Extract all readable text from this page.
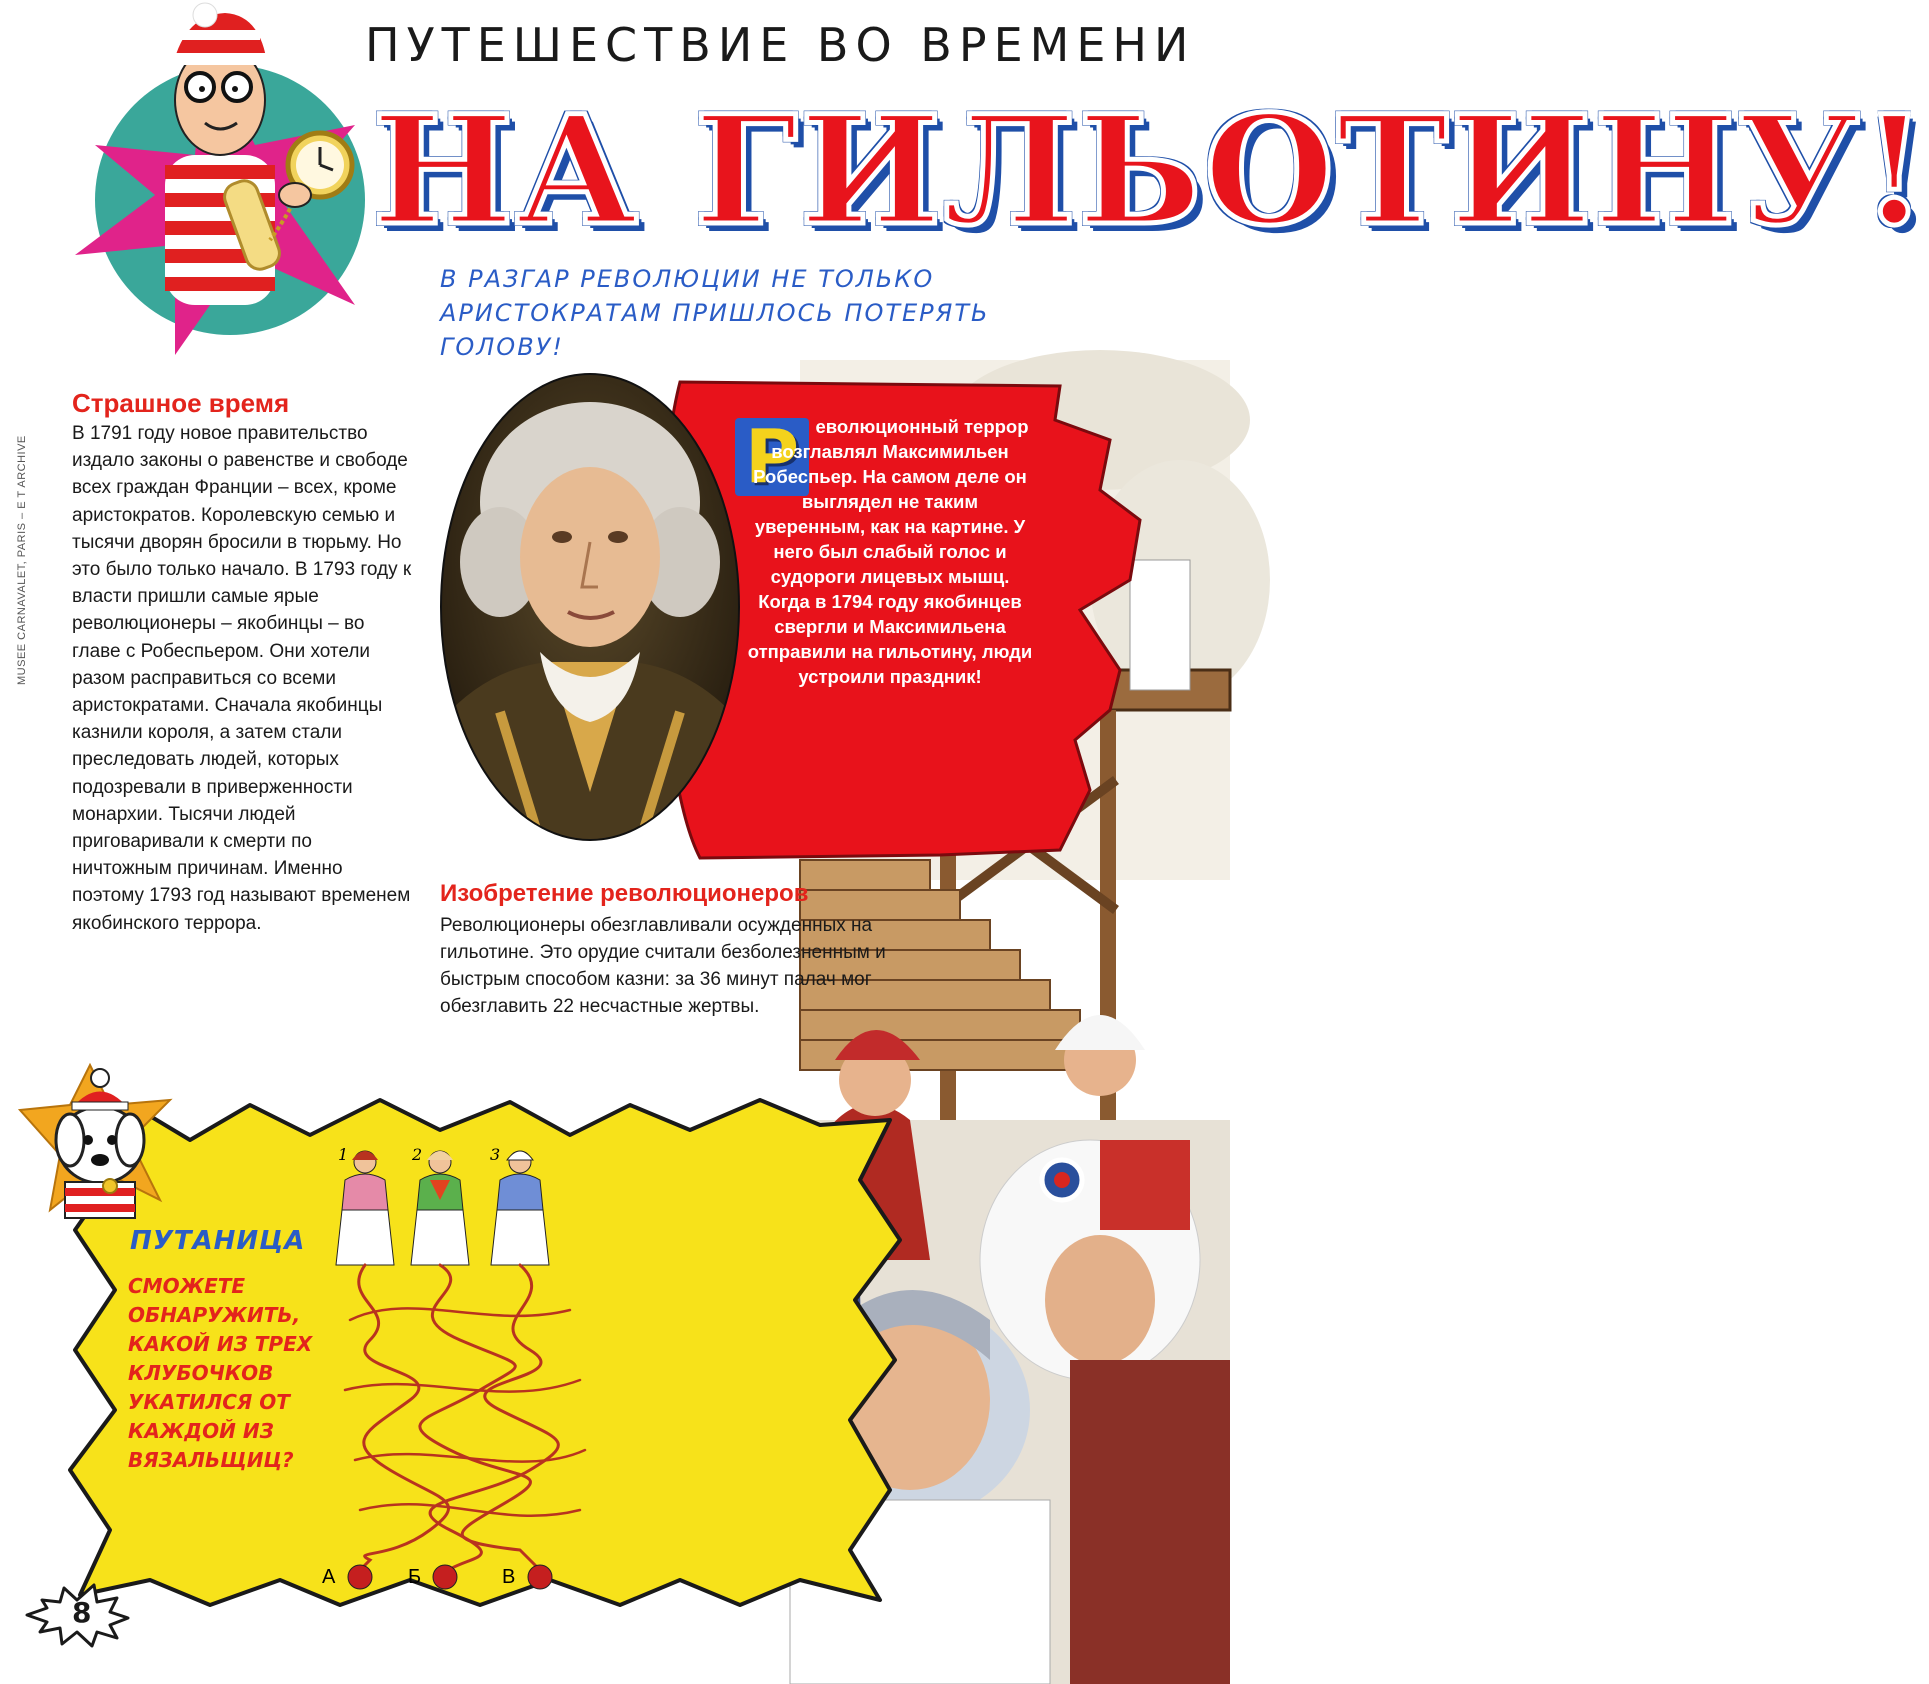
ПУТЕШЕСТВИЕ ВО ВРЕМЕНИ
НА ГИЛЬОТИНУ!
В РАЗГАР РЕВОЛЮЦИИ НЕ ТОЛЬКО АРИСТОКРАТАМ ПРИШЛОСЬ ПОТЕРЯТЬ ГОЛОВУ!
MUSEE CARNAVALET, PARIS – E T ARCHIVE
Страшное время
В 1791 году новое правительство издало законы о равенстве и свободе всех граждан Франции – всех, кроме аристократов. Королевскую семью и тысячи дворян бросили в тюрьму. Но это было только начало. В 1793 году к власти пришли самые ярые революционеры – якобинцы – во главе с Робеспьером. Они хотели разом расправиться со всеми аристократами. Сначала якобинцы казнили короля, а затем стали преследовать людей, которых подозревали в приверженности монархии. Тысячи людей приговаривали к смерти по ничтожным причинам. Именно поэтому 1793 год называют временем якобинского террора.
Р еволюционный террор возглавлял Максимильен Робеспьер. На самом деле он выглядел не таким уверенным, как на картине. У него был слабый голос и судороги лицевых мышц. Когда в 1794 году якобинцев свергли и Максимильена отправили на гильотину, люди устроили праздник!
Изобретение революционеров
Революционеры обезглавливали осужденных на гильотине. Это орудие считали безболезненным и быстрым способом казни: за 36 минут палач мог обезглавить 22 несчастные жертвы.
ПУТАНИЦА
СМОЖЕТЕ ОБНАРУЖИТЬ, КАКОЙ ИЗ ТРЕХ КЛУБОЧКОВ УКАТИЛСЯ ОТ КАЖДОЙ ИЗ ВЯЗАЛЬЩИЦ?
1	2	3
А	Б	В
8
